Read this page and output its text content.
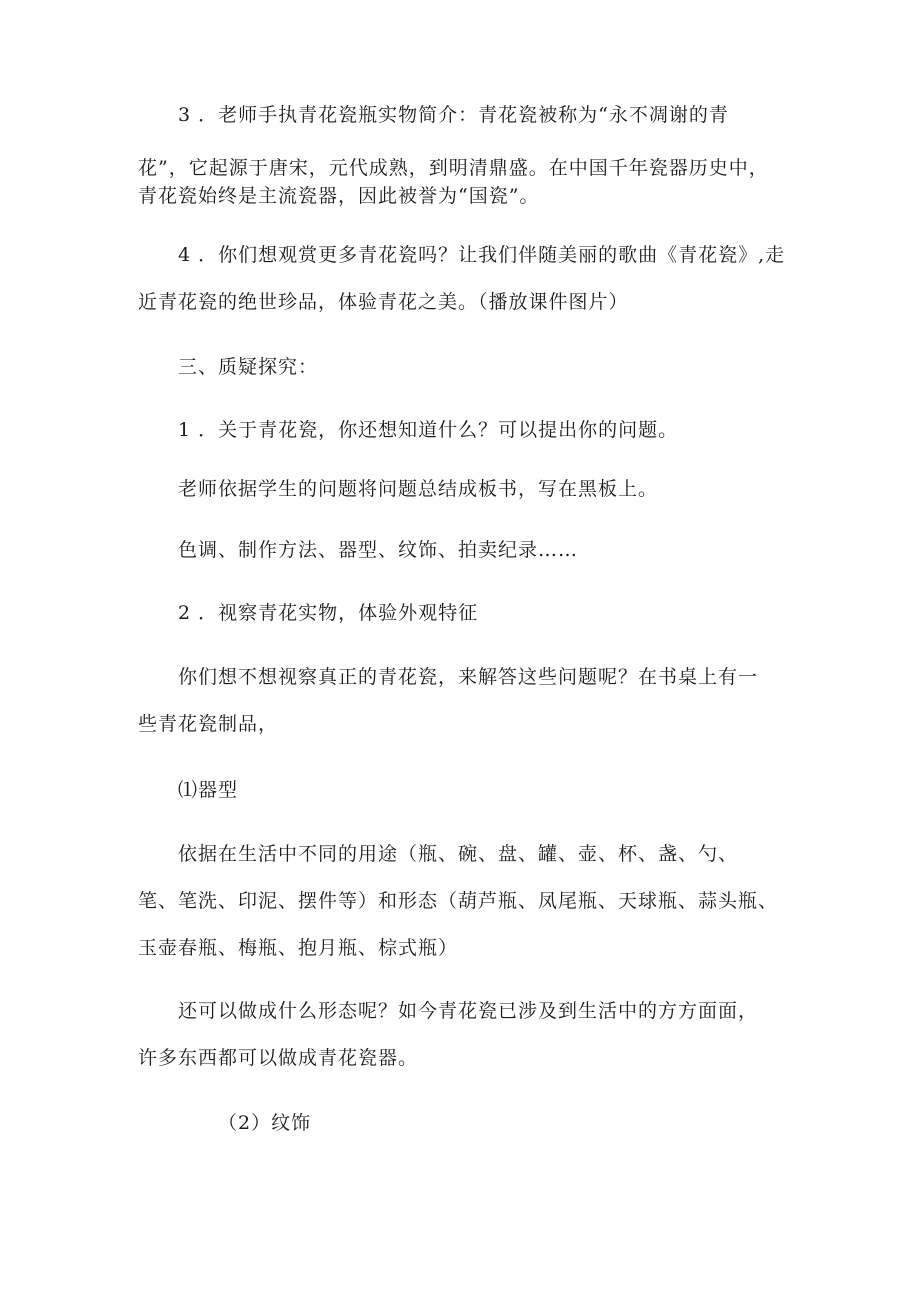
3 ．老师手执青花瓷瓶实物简介：青花瓷被称为“永不凋谢的青

花”，它起源于唐宋，元代成熟，到明清鼎盛。在中国千年瓷器历史中，

青花瓷始终是主流瓷器，因此被誉为“国瓷”。

4 ．你们想观赏更多青花瓷吗？让我们伴随美丽的歌曲《青花瓷》,走

近青花瓷的绝世珍品，体验青花之美。（播放课件图片）

三、质疑探究：

1 ．关于青花瓷，你还想知道什么？可以提出你的问题。

老师依据学生的问题将问题总结成板书，写在黑板上。

色调、制作方法、器型、纹饰、拍卖纪录……

2 ．视察青花实物，体验外观特征

你们想不想视察真正的青花瓷，来解答这些问题呢？在书桌上有一

些青花瓷制品，

⑴器型

依据在生活中不同的用途（瓶、碗、盘、罐、壶、杯、盏、勺、

笔、笔洗、印泥、摆件等）和形态（葫芦瓶、凤尾瓶、天球瓶、蒜头瓶、

玉壶春瓶、梅瓶、抱月瓶、棕式瓶）

还可以做成什么形态呢？如今青花瓷已涉及到生活中的方方面面，

许多东西都可以做成青花瓷器。

（2）纹饰
